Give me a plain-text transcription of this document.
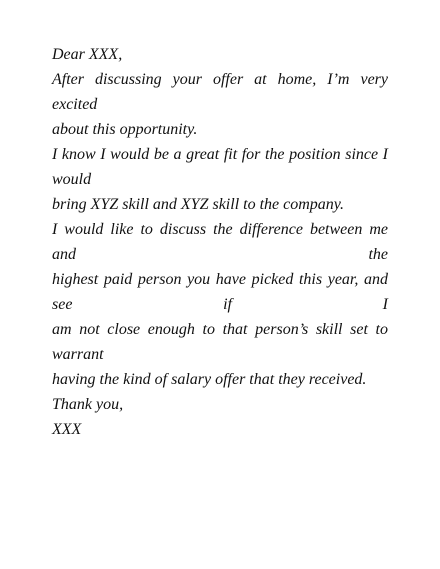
Dear XXX,
After discussing your offer at home, I’m very excited
about this opportunity.
I know I would be a great fit for the position since I would
bring XYZ skill and XYZ skill to the company.
I would like to discuss the difference between me and the
highest paid person you have picked this year, and see if I
am not close enough to that person’s skill set to warrant
having the kind of salary offer that they received.
Thank you,
XXX
